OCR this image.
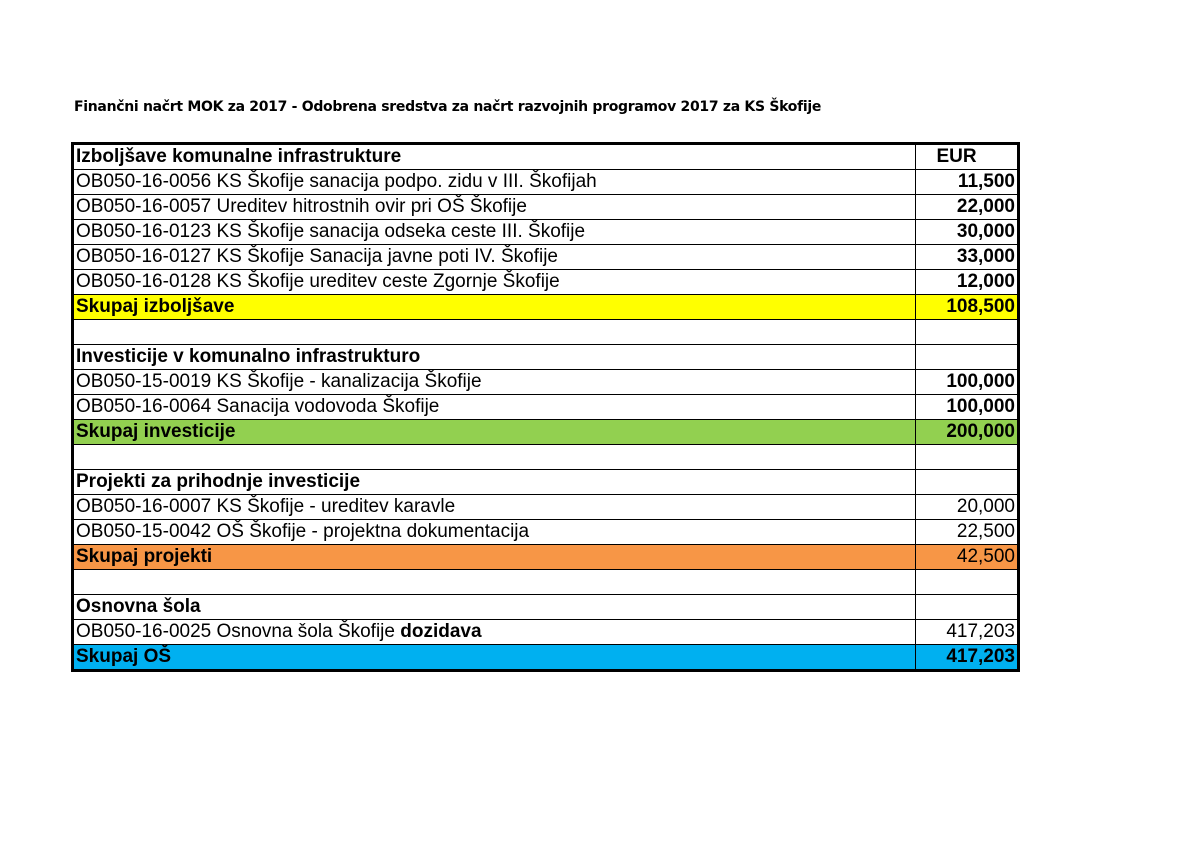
Finančni načrt MOK za 2017 - Odobrena sredstva za načrt razvojnih programov 2017 za KS Škofije
Izboljšave komunalne infrastrukture	EUR
OB050-16-0056 KS Škofije sanacija podpo. zidu v III. Škofijah	11,500
OB050-16-0057 Ureditev hitrostnih ovir pri OŠ Škofije	22,000
OB050-16-0123 KS Škofije sanacija odseka ceste III. Škofije	30,000
OB050-16-0127 KS Škofije Sanacija javne poti IV. Škofije	33,000
OB050-16-0128 KS Škofije ureditev ceste Zgornje Škofije	12,000
Skupaj izboljšave	108,500

Investicije v komunalno infrastrukturo	
OB050-15-0019 KS Škofije - kanalizacija Škofije	100,000
OB050-16-0064 Sanacija vodovoda Škofije	100,000
Skupaj investicije	200,000

Projekti za prihodnje investicije	
OB050-16-0007 KS Škofije - ureditev karavle	20,000
OB050-15-0042 OŠ Škofije - projektna dokumentacija	22,500
Skupaj projekti	42,500

Osnovna šola	
OB050-16-0025 Osnovna šola Škofije dozidava	417,203
Skupaj OŠ	417,203
